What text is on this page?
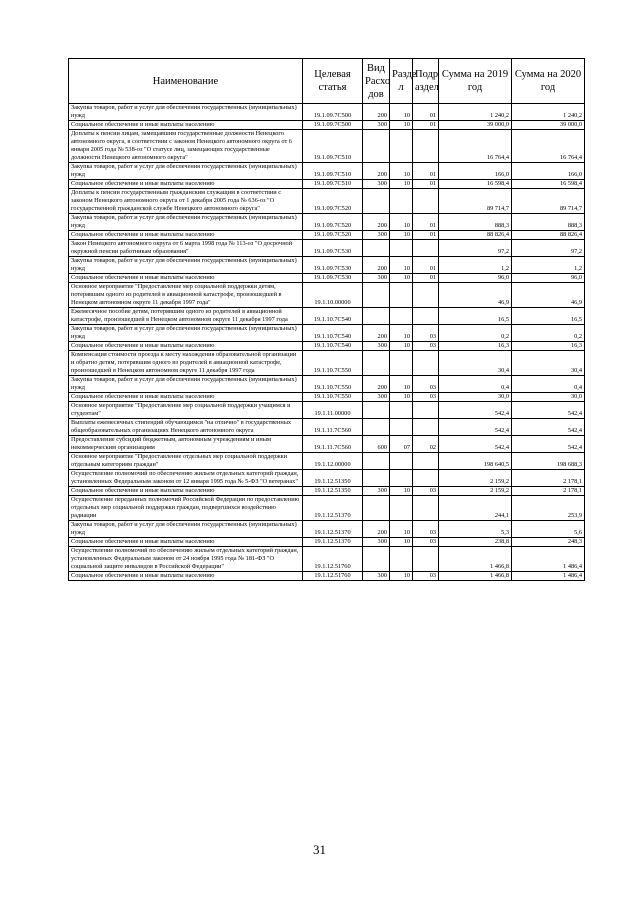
Наименование	Целевая статья	Вид Расхо дов	Разде л	Подр аздел	Сумма на 2019 год	Сумма на 2020 год
Закупка товаров, работ и услуг для обеспечения государственных (муниципальных) нужд	19.1.09.7С500	200	10	01	1 240,2	1 240,2
Социальное обеспечение и иные выплаты населению	19.1.09.7С500	300	10	01	39 000,0	39 000,0
Доплаты к пенсии лицам, замещавшим государственные должности Ненецкого автономного округа, в соответствии с законом Ненецкого автономного округа от 6 января 2005 года № 538-оз "О статусе лиц, замещающих государственные должности Ненецкого автономного округа"	19.1.09.7С510				16 764,4	16 764,4
Закупка товаров, работ и услуг для обеспечения государственных (муниципальных) нужд	19.1.09.7С510	200	10	01	166,0	166,0
Социальное обеспечение и иные выплаты населению	19.1.09.7С510	300	10	01	16 598,4	16 598,4
Доплаты к пенсии государственным гражданским служащим в соответствии с законом Ненецкого автономного округа от 1 декабря 2005 года № 636-оз "О государственной гражданской службе Ненецкого автономного округа"	19.1.09.7С520				89 714,7	89 714,7
Закупка товаров, работ и услуг для обеспечения государственных (муниципальных) нужд	19.1.09.7С520	200	10	01	888,3	888,3
Социальное обеспечение и иные выплаты населению	19.1.09.7С520	300	10	01	88 826,4	88 826,4
Закон Ненецкого автономного округа от 6 марта 1998 года № 113-оз "О досрочной окружной пенсии работникам образования"	19.1.09.7С530				97,2	97,2
Закупка товаров, работ и услуг для обеспечения государственных (муниципальных) нужд	19.1.09.7С530	200	10	01	1,2	1,2
Социальное обеспечение и иные выплаты населению	19.1.09.7С530	300	10	01	96,0	96,0
Основное мероприятие "Предоставление мер социальной поддержки детям, потерявшим одного из родителей в авиационной катастрофе, произошедшей в Ненецком автономном округе 11 декабря 1997 года"	19.1.10.00000				46,9	46,9
Ежемесячное пособие детям, потерявшим одного из родителей в авиационной катастрофе, произошедшей в Ненецком автономном округе 11 декабря 1997 года	19.1.10.7С540				16,5	16,5
Закупка товаров, работ и услуг для обеспечения государственных (муниципальных) нужд	19.1.10.7С540	200	10	03	0,2	0,2
Социальное обеспечение и иные выплаты населению	19.1.10.7С540	300	10	03	16,3	16,3
Компенсация стоимости проезда к месту нахождения образовательной организации и обратно детям, потерявшим одного из родителей в авиационной катастрофе, произошедшей в Ненецком автономном округе 11 декабря 1997 года	19.1.10.7С550				30,4	30,4
Закупка товаров, работ и услуг для обеспечения государственных (муниципальных) нужд	19.1.10.7С550	200	10	03	0,4	0,4
Социальное обеспечение и иные выплаты населению	19.1.10.7С550	300	10	03	30,0	30,0
Основное мероприятие "Предоставление мер социальной поддержки учащимся и студентам"	19.1.11.00000				542,4	542,4
Выплаты ежемесячных стипендий обучающимся "на отлично" в государственных общеобразовательных организациях Ненецкого автономного округа	19.1.11.7С560				542,4	542,4
Предоставление субсидий бюджетным, автономным учреждениям и иным некоммерческим организациям	19.1.11.7С560	600	07	02	542,4	542,4
Основное мероприятие "Предоставление отдельных мер социальной поддержки отдельным категориям граждан"	19.1.12.00000				198 640,5	198 688,3
Осуществление полномочий по обеспечению жильем отдельных категорий граждан, установленных Федеральным законом от 12 января 1995 года № 5-ФЗ "О ветеранах"	19.1.12.51350				2 159,2	2 178,1
Социальное обеспечение и иные выплаты населению	19.1.12.51350	300	10	03	2 159,2	2 178,1
Осуществление переданных полномочий Российской Федерации по предоставлению отдельных мер социальной поддержки граждан, подвергшихся воздействию радиации	19.1.12.51370				244,1	253,9
Закупка товаров, работ и услуг для обеспечения государственных (муниципальных) нужд	19.1.12.51370	200	10	03	5,3	5,6
Социальное обеспечение и иные выплаты населению	19.1.12.51370	300	10	03	238,8	248,3
Осуществление полномочий по обеспечению жильем отдельных категорий граждан, установленных Федеральным законом от 24 ноября 1995 года № 181-ФЗ "О социальной защите инвалидов в Российской Федерации"	19.1.12.51760				1 466,8	1 486,4
Социальное обеспечение и иные выплаты населению	19.1.12.51760	300	10	03	1 466,8	1 486,4
31
